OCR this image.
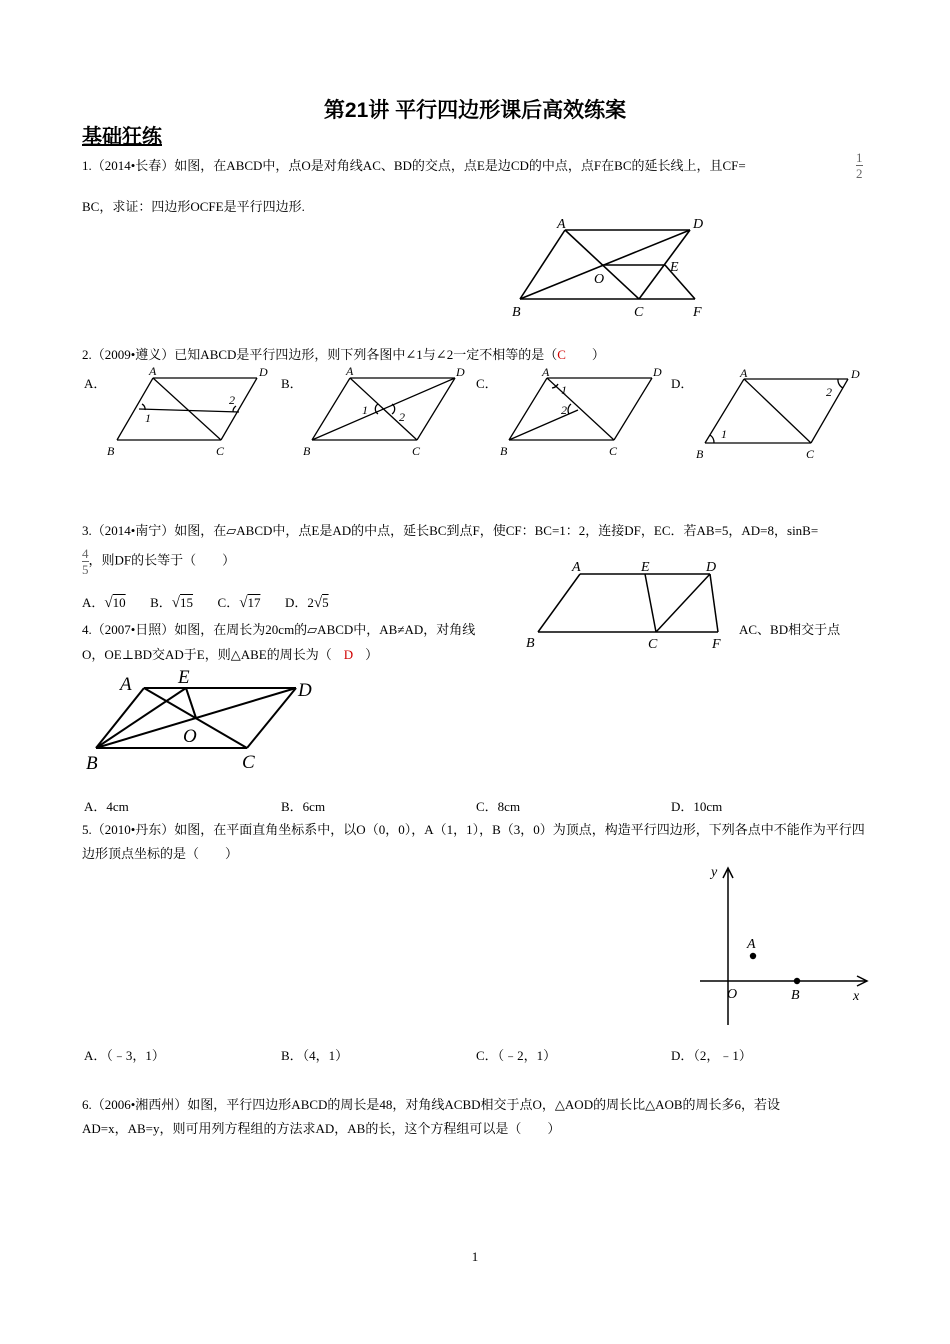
第21讲 平行四边形课后高效练案
基础狂练
1.（2014•长春）如图，在ABCD中，点O是对角线AC、BD的交点，点E是边CD的中点，点F在BC的延长线上，且CF=	$\frac{1}{2}$
BC，求证：四边形OCFE是平行四边形.
A	D
O
E
B	C	F
2.（2009•遵义）已知ABCD是平行四边形，则下列各图中∠1与∠2一定不相等的是（C ）
A．	B．	C．	D．
1
2
A	D
B	C
1	2
A	D
B	C
1
2
A	D
B	C
1
2
A	D
B	C
3.（2014•南宁）如图，在▱ABCD中，点E是AD的中点，延长BC到点F，使CF：BC=1：2，连接DF，EC．若AB=5，AD=8，sinB=
$\frac{4}{5}$ ，则DF的长等于（　　）
A．√10 B．√15 C．√17 D．2√5
A	E	D
B	C	F
4.（2007•日照）如图，在周长为20cm的▱ABCD中，AB≠AD，对角线	AC、BD相交于点
O，OE⊥BD交AD于E，则△ABE的周长为（ D ）
A E
D
O
B	C
A．4cm	B．6cm	C．8cm	D．10cm
5.（2010•丹东）如图，在平面直角坐标系中，以O（0，0），A（1，1），B（3，0）为顶点，构造平行四边形，下列各点中不能作为平行四
边形顶点坐标的是（　　）
y
x
O
A
B
A．（﹣3，1）	B．（4，1）	C．（﹣2，1）	D．（2，﹣1）
6.（2006•湘西州）如图，平行四边形ABCD的周长是48，对角线ACBD相交于点O，△AOD的周长比△AOB的周长多6，若设
AD=x，AB=y，则可用列方程组的方法求AD，AB的长，这个方程组可以是（　　）
1
